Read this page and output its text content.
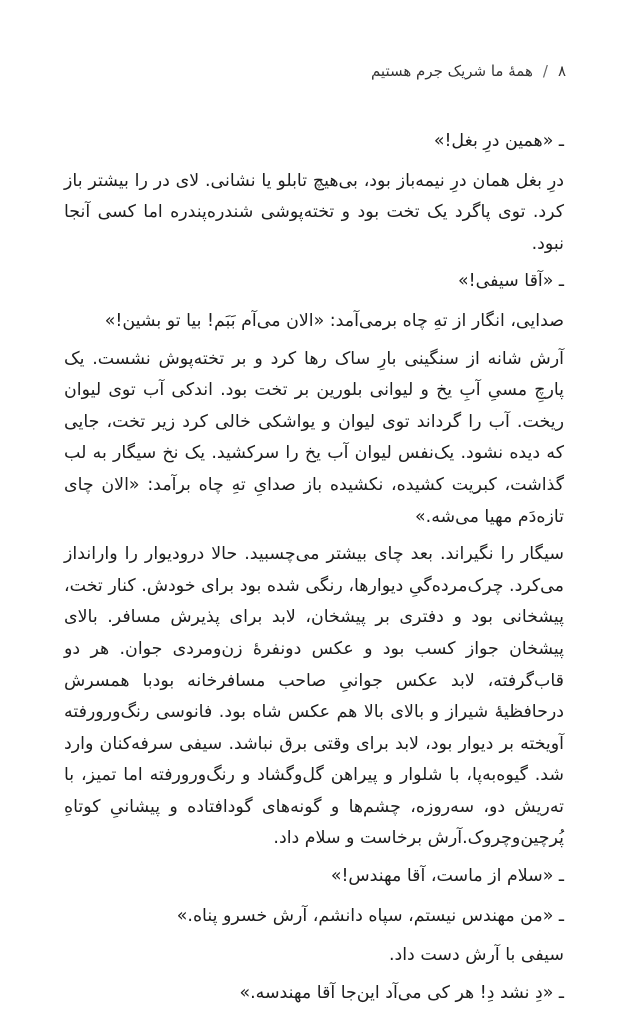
۸
/
همهٔ ما شریک جرم هستیم

ـ «همین درِ بغل!»

درِ بغل همان درِ نیمه‌باز بود، بی‌هیچ تابلو یا نشانی. لای در را بیشتر باز کرد. توی پاگرد یک تخت بود و تخته‌پوشی شندره‌پندره اما کسی آنجا نبود.

ـ «آقا سیفی!»

صدایی، انگار از تهِ چاه برمی‌آمد: «الان می‌آم بَبَم! بیا تو بشین!»

آرش شانه از سنگینی بارِ ساک رها کرد و بر تخته‌پوش نشست. یک پارچِ مسیِ آبِ یخ و لیوانی بلورین بر تخت بود. اندکی آب توی لیوان ریخت. آب را گرداند توی لیوان و یواشکی خالی کرد زیر تخت، جایی که دیده نشود. یک‌نفس لیوان آب یخ را سرکشید. یک نخ سیگار به لب گذاشت، کبریت کشیده، نکشیده باز صدایِ تهِ چاه برآمد: «الان چای تازه‌دَم مهیا می‌شه.»

سیگار را نگیراند. بعد چای بیشتر می‌چسبید. حالا دروديوار را وارانداز می‌کرد. چرک‌مرده‌گیِ دیوارها، رنگی شده بود برای خودش. کنار تخت، پیشخانی بود و دفتری بر پیشخان، لابد برای پذیرش مسافر. بالای پیشخان جواز کسب بود و عکس دونفرهٔ زن‌ومردی جوان. هر دو قاب‌گرفته، لابد عکس جوانیِ صاحب مسافرخانه بودبا همسرش درحافظیهٔ شیراز و بالای بالا هم عکس شاه بود. فانوسی رنگ‌ورورفته آویخته بر دیوار بود، لابد برای وقتی برق نباشد. سیفی سرفه‌کنان وارد شد. گیوه‌به‌پا، با شلوار و پیراهن گل‌وگشاد و رنگ‌ورورفته اما تمیز، با ته‌ریش دو، سه‌روزه، چشم‌ها و گونه‌های گودافتاده و پیشانیِ کوتاهِ پُرچین‌وچروک.آرش برخاست و سلام داد.

ـ «سلام از ماست، آقا مهندس!»

ـ «من مهندس نیستم، سپاه دانشم، آرش خسرو پناه.»

سیفی با آرش دست داد.

ـ «دِ نشد دِ! هر کی می‌آد این‌جا آقا مهندسه.»
